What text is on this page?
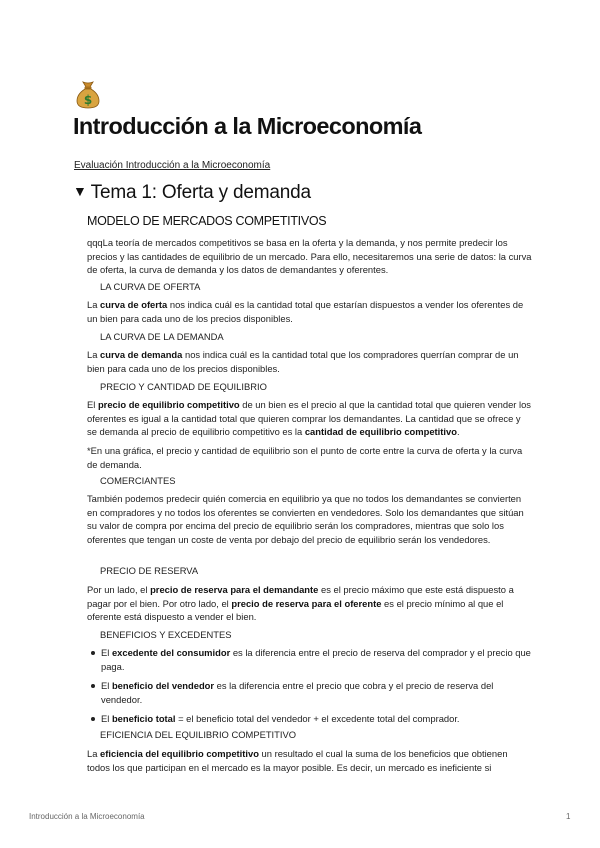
$
Introducción a la Microeconomía
Evaluación Introducción a la Microeconomía
▼ Tema 1: Oferta y demanda
MODELO DE MERCADOS COMPETITIVOS

qqqLa teoría de mercados competitivos se basa en la oferta y la demanda, y nos permite predecir los precios y las cantidades de equilibrio de un mercado. Para ello, necesitaremos una serie de datos: la curva de oferta, la curva de demanda y los datos de demandantes y oferentes.

LA CURVA DE OFERTA

La curva de oferta nos indica cuál es la cantidad total que estarían dispuestos a vender los oferentes de un bien para cada uno de los precios disponibles.

LA CURVA DE LA DEMANDA

La curva de demanda nos indica cuál es la cantidad total que los compradores querrían comprar de un bien para cada uno de los precios disponibles.

PRECIO Y CANTIDAD DE EQUILIBRIO

El precio de equilibrio competitivo de un bien es el precio al que la cantidad total que quieren vender los oferentes es igual a la cantidad total que quieren comprar los demandantes. La cantidad que se ofrece y se demanda al precio de equilibrio competitivo es la cantidad de equilibrio competitivo.

*En una gráfica, el precio y cantidad de equilibrio son el punto de corte entre la curva de oferta y la curva de demanda.

COMERCIANTES

También podemos predecir quién comercia en equilibrio ya que no todos los demandantes se convierten en compradores y no todos los oferentes se convierten en vendedores. Solo los demandantes que sitúan su valor de compra por encima del precio de equilibrio serán los compradores, mientras que solo los oferentes que tengan un coste de venta por debajo del precio de equilibrio serán los vendedores.

PRECIO DE RESERVA

Por un lado, el precio de reserva para el demandante es el precio máximo que este está dispuesto a pagar por el bien. Por otro lado, el precio de reserva para el oferente es el precio mínimo al que el oferente está dispuesto a vender el bien.

BENEFICIOS Y EXCEDENTES
El excedente del consumidor es la diferencia entre el precio de reserva del comprador y el precio que paga.
El beneficio del vendedor es la diferencia entre el precio que cobra y el precio de reserva del vendedor.
El beneficio total = el beneficio total del vendedor + el excedente total del comprador.
EFICIENCIA DEL EQUILIBRIO COMPETITIVO

La eficiencia del equilibrio competitivo un resultado el cual la suma de los beneficios que obtienen todos los que participan en el mercado es la mayor posible. Es decir, un mercado es ineficiente si

Introducción a la Microeconomía	1
